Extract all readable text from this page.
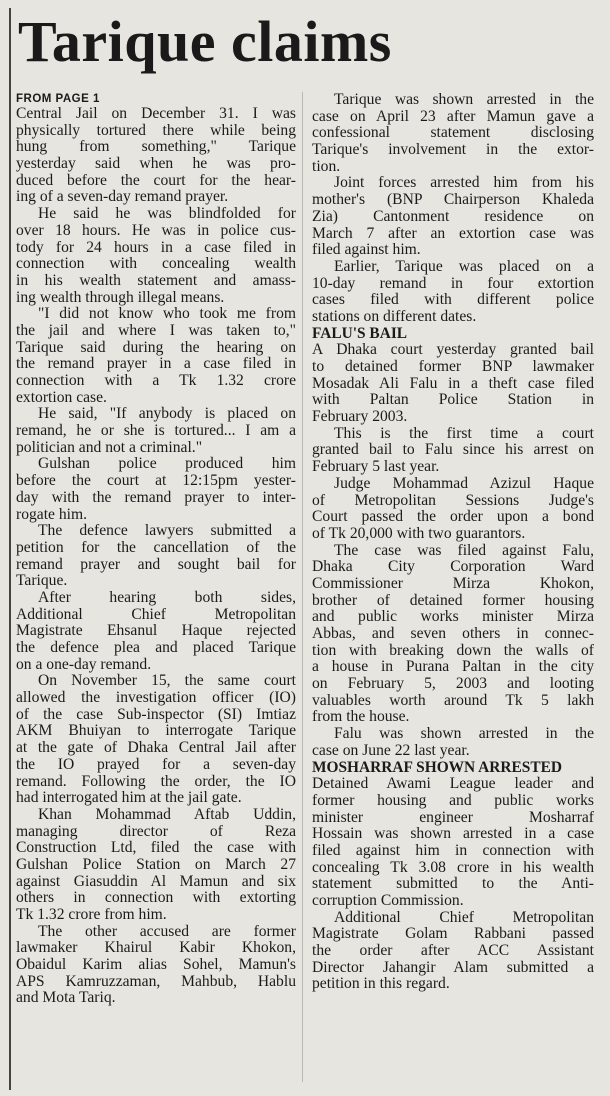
Tarique claims
FROM PAGE 1
Central Jail on December 31. I was
physically tortured there while being
hung from something," Tarique
yesterday said when he was pro-
duced before the court for the hear-
ing of a seven-day remand prayer.
He said he was blindfolded for
over 18 hours. He was in police cus-
tody for 24 hours in a case filed in
connection with concealing wealth
in his wealth statement and amass-
ing wealth through illegal means.
"I did not know who took me from
the jail and where I was taken to,"
Tarique said during the hearing on
the remand prayer in a case filed in
connection with a Tk 1.32 crore
extortion case.
He said, "If anybody is placed on
remand, he or she is tortured... I am a
politician and not a criminal."
Gulshan police produced him
before the court at 12:15pm yester-
day with the remand prayer to inter-
rogate him.
The defence lawyers submitted a
petition for the cancellation of the
remand prayer and sought bail for
Tarique.
After hearing both sides,
Additional Chief Metropolitan
Magistrate Ehsanul Haque rejected
the defence plea and placed Tarique
on a one-day remand.
On November 15, the same court
allowed the investigation officer (IO)
of the case Sub-inspector (SI) Imtiaz
AKM Bhuiyan to interrogate Tarique
at the gate of Dhaka Central Jail after
the IO prayed for a seven-day
remand. Following the order, the IO
had interrogated him at the jail gate.
Khan Mohammad Aftab Uddin,
managing director of Reza
Construction Ltd, filed the case with
Gulshan Police Station on March 27
against Giasuddin Al Mamun and six
others in connection with extorting
Tk 1.32 crore from him.
The other accused are former
lawmaker Khairul Kabir Khokon,
Obaidul Karim alias Sohel, Mamun's
APS Kamruzzaman, Mahbub, Hablu
and Mota Tariq.
Tarique was shown arrested in the
case on April 23 after Mamun gave a
confessional statement disclosing
Tarique's involvement in the extor-
tion.
Joint forces arrested him from his
mother's (BNP Chairperson Khaleda
Zia) Cantonment residence on
March 7 after an extortion case was
filed against him.
Earlier, Tarique was placed on a
10-day remand in four extortion
cases filed with different police
stations on different dates.
FALU'S BAIL
A Dhaka court yesterday granted bail
to detained former BNP lawmaker
Mosadak Ali Falu in a theft case filed
with Paltan Police Station in
February 2003.
This is the first time a court
granted bail to Falu since his arrest on
February 5 last year.
Judge Mohammad Azizul Haque
of Metropolitan Sessions Judge's
Court passed the order upon a bond
of Tk 20,000 with two guarantors.
The case was filed against Falu,
Dhaka City Corporation Ward
Commissioner Mirza Khokon,
brother of detained former housing
and public works minister Mirza
Abbas, and seven others in connec-
tion with breaking down the walls of
a house in Purana Paltan in the city
on February 5, 2003 and looting
valuables worth around Tk 5 lakh
from the house.
Falu was shown arrested in the
case on June 22 last year.
MOSHARRAF SHOWN ARRESTED
Detained Awami League leader and
former housing and public works
minister engineer Mosharraf
Hossain was shown arrested in a case
filed against him in connection with
concealing Tk 3.08 crore in his wealth
statement submitted to the Anti-
corruption Commission.
Additional Chief Metropolitan
Magistrate Golam Rabbani passed
the order after ACC Assistant
Director Jahangir Alam submitted a
petition in this regard.
